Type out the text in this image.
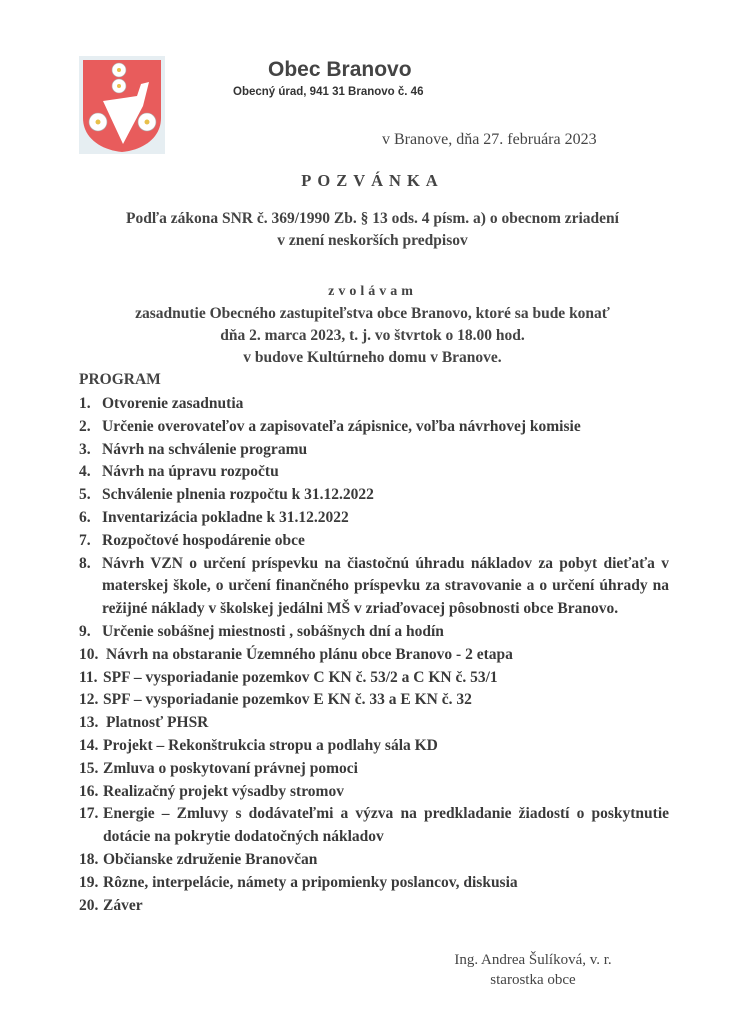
Obec Branovo
Obecný úrad, 941 31 Branovo č. 46
v Branove, dňa 27. februára 2023
POZVÁNKA
Podľa zákona SNR č. 369/1990 Zb. § 13 ods. 4 písm. a) o obecnom zriadení
v znení neskorších predpisov
zvolávam
zasadnutie Obecného zastupiteľstva obce Branovo, ktoré sa bude konať
dňa 2. marca 2023, t. j. vo štvrtok o 18.00 hod.
v budove Kultúrneho domu v Branove.
PROGRAM
1. Otvorenie zasadnutia
2. Určenie overovateľov a zapisovateľa zápisnice, voľba návrhovej komisie
3. Návrh na schválenie programu
4. Návrh na úpravu rozpočtu
5. Schválenie plnenia rozpočtu k 31.12.2022
6. Inventarizácia pokladne k 31.12.2022
7. Rozpočtové hospodárenie obce
8. Návrh VZN o určení príspevku na čiastočnú úhradu nákladov za pobyt dieťaťa v materskej škole, o určení finančného príspevku za stravovanie a o určení úhrady na režijné náklady v školskej jedálni MŠ v zriaďovacej pôsobnosti obce Branovo.
9. Určenie sobášnej miestnosti , sobášnych dní a hodín
10. Návrh na obstaranie Územného plánu obce Branovo - 2 etapa
11. SPF – vysporiadanie pozemkov C KN č. 53/2 a C KN č. 53/1
12. SPF – vysporiadanie pozemkov E KN č. 33 a E KN č. 32
13. Platnosť PHSR
14. Projekt – Rekonštrukcia stropu a podlahy sála KD
15. Zmluva o poskytovaní právnej pomoci
16. Realizačný projekt výsadby stromov
17. Energie – Zmluvy s dodávateľmi a výzva na predkladanie žiadostí o poskytnutie dotácie na pokrytie dodatočných nákladov
18. Občianske združenie Branovčan
19. Rôzne, interpelácie, námety a pripomienky poslancov, diskusia
20. Záver
Ing. Andrea Šulíková, v. r.
starostka obce
